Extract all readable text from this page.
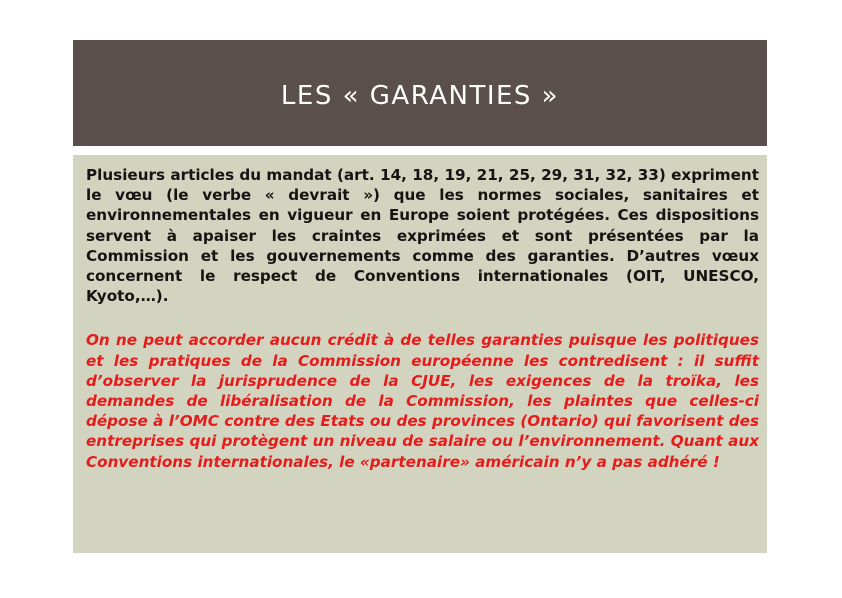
LES « GARANTIES »

Plusieurs articles du mandat (art. 14, 18, 19, 21, 25, 29, 31, 32, 33) expriment le vœu (le verbe « devrait ») que les normes sociales, sanitaires et environnementales en vigueur en Europe soient protégées. Ces dispositions servent à apaiser les craintes exprimées et sont présentées par la Commission et les gouvernements comme des garanties. D’autres vœux concernent le respect de Conventions internationales (OIT, UNESCO, Kyoto,…).

On ne peut accorder aucun crédit à de telles garanties puisque les politiques et les pratiques de la Commission européenne les contredisent : il suffit d’observer la jurisprudence de la CJUE, les exigences de la troïka, les demandes de libéralisation de la Commission, les plaintes que celles-ci dépose à l’OMC contre des Etats ou des provinces (Ontario) qui favorisent des entreprises qui protègent un niveau de salaire ou l’environnement. Quant aux Conventions internationales, le «partenaire» américain n’y a pas adhéré !
